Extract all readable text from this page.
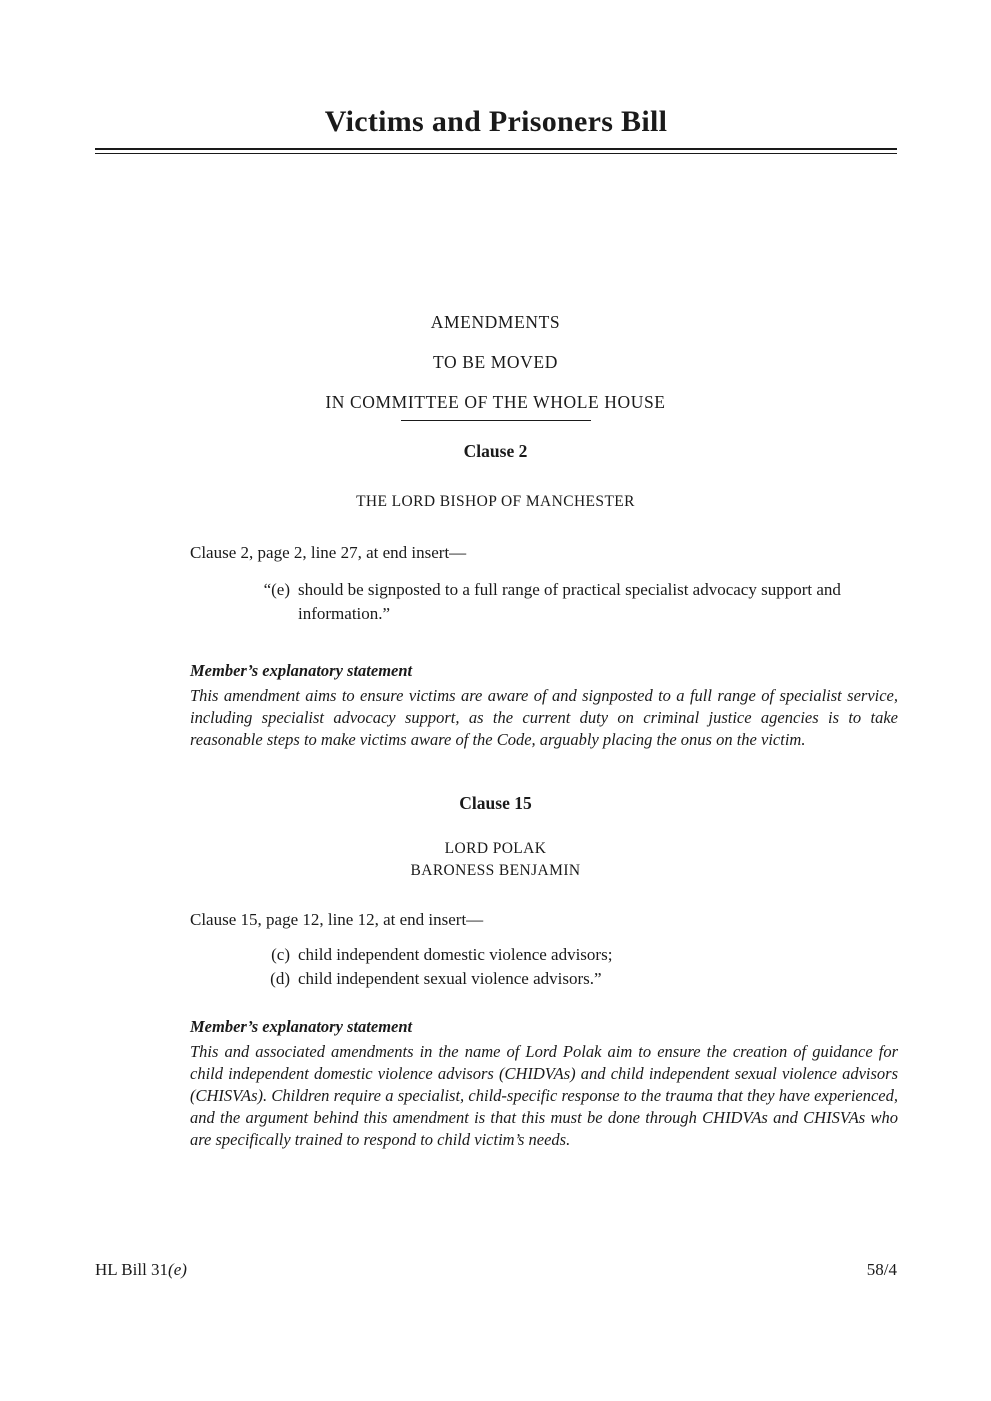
Victims and Prisoners Bill
AMENDMENTS
TO BE MOVED
IN COMMITTEE OF THE WHOLE HOUSE
Clause 2
THE LORD BISHOP OF MANCHESTER
Clause 2, page 2, line 27, at end insert—
“(e) should be signposted to a full range of practical specialist advocacy support and information.”
Member’s explanatory statement
This amendment aims to ensure victims are aware of and signposted to a full range of specialist service, including specialist advocacy support, as the current duty on criminal justice agencies is to take reasonable steps to make victims aware of the Code, arguably placing the onus on the victim.
Clause 15
LORD POLAK
BARONESS BENJAMIN
Clause 15, page 12, line 12, at end insert—
(c) child independent domestic violence advisors;
(d) child independent sexual violence advisors.”
Member’s explanatory statement
This and associated amendments in the name of Lord Polak aim to ensure the creation of guidance for child independent domestic violence advisors (CHIDVAs) and child independent sexual violence advisors (CHISVAs). Children require a specialist, child-specific response to the trauma that they have experienced, and the argument behind this amendment is that this must be done through CHIDVAs and CHISVAs who are specifically trained to respond to child victim’s needs.
HL Bill 31(e)	58/4
